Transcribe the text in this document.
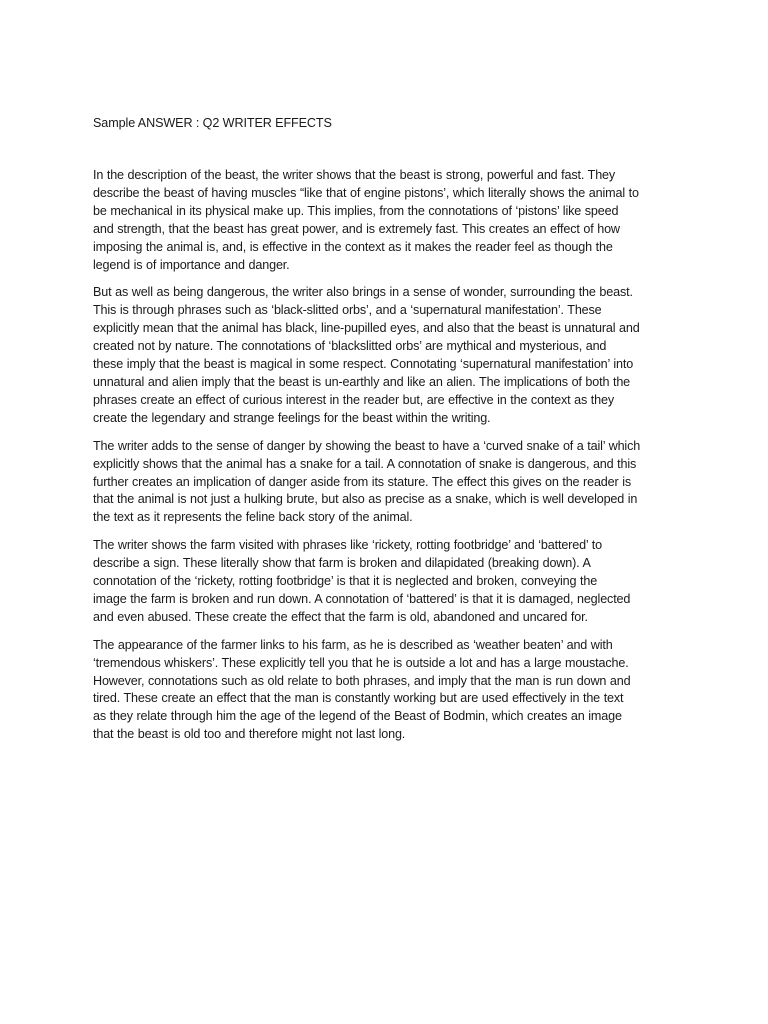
Sample ANSWER : Q2 WRITER EFFECTS

In the description of the beast, the writer shows that the beast is strong, powerful and fast. They
describe the beast of having muscles “like that of engine pistons’, which literally shows the animal to
be mechanical in its physical make up. This implies, from the connotations of ‘pistons’ like speed
and strength, that the beast has great power, and is extremely fast. This creates an effect of how
imposing the animal is, and, is effective in the context as it makes the reader feel as though the
legend is of importance and danger.

But as well as being dangerous, the writer also brings in a sense of wonder, surrounding the beast.
This is through phrases such as ‘black-slitted orbs’, and a ‘supernatural manifestation’. These
explicitly mean that the animal has black, line-pupilled eyes, and also that the beast is unnatural and
created not by nature. The connotations of ‘blackslitted orbs’ are mythical and mysterious, and
these imply that the beast is magical in some respect. Connotating ‘supernatural manifestation’ into
unnatural and alien imply that the beast is un-earthly and like an alien. The implications of both the
phrases create an effect of curious interest in the reader but, are effective in the context as they
create the legendary and strange feelings for the beast within the writing.

The writer adds to the sense of danger by showing the beast to have a ‘curved snake of a tail’ which
explicitly shows that the animal has a snake for a tail. A connotation of snake is dangerous, and this
further creates an implication of danger aside from its stature. The effect this gives on the reader is
that the animal is not just a hulking brute, but also as precise as a snake, which is well developed in
the text as it represents the feline back story of the animal.

The writer shows the farm visited with phrases like ‘rickety, rotting footbridge’ and ‘battered’ to
describe a sign. These literally show that farm is broken and dilapidated (breaking down). A
connotation of the ‘rickety, rotting footbridge’ is that it is neglected and broken, conveying the
image the farm is broken and run down. A connotation of ‘battered’ is that it is damaged, neglected
and even abused. These create the effect that the farm is old, abandoned and uncared for.

The appearance of the farmer links to his farm, as he is described as ‘weather beaten’ and with
‘tremendous whiskers’. These explicitly tell you that he is outside a lot and has a large moustache.
However, connotations such as old relate to both phrases, and imply that the man is run down and
tired. These create an effect that the man is constantly working but are used effectively in the text
as they relate through him the age of the legend of the Beast of Bodmin, which creates an image
that the beast is old too and therefore might not last long.
